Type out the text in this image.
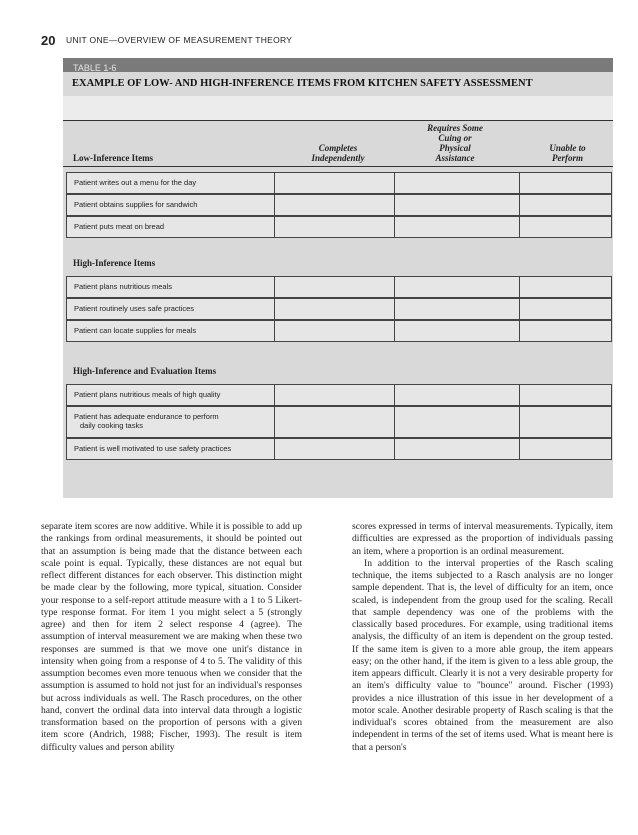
20 UNIT ONE—OVERVIEW OF MEASUREMENT THEORY
TABLE 1-6
EXAMPLE OF LOW- AND HIGH-INFERENCE ITEMS FROM KITCHEN SAFETY ASSESSMENT
Completes
Independently
Requires Some
Cuing or
Physical
Assistance
Unable to
Perform
Low-Inference Items
Patient writes out a menu for the day
Patient obtains supplies for sandwich
Patient puts meat on bread
High-Inference Items
Patient plans nutritious meals
Patient routinely uses safe practices
Patient can locate supplies for meals
High-Inference and Evaluation Items
Patient plans nutritious meals of high quality
Patient has adequate endurance to perform
daily cooking tasks
Patient is well motivated to use safety practices

separate item scores are now additive. While it is possible to add up the rankings from ordinal measurements, it should be pointed out that an assumption is being made that the distance between each scale point is equal. Typically, these distances are not equal but reflect different distances for each observer. This distinction might be made clear by the following, more typical, situation. Consider your response to a self-report attitude measure with a 1 to 5 Likert-type response format. For item 1 you might select a 5 (strongly agree) and then for item 2 select response 4 (agree). The assumption of interval measurement we are making when these two responses are summed is that we move one unit's distance in intensity when going from a response of 4 to 5. The validity of this assumption becomes even more tenuous when we consider that the assumption is assumed to hold not just for an individual's responses but across individuals as well. The Rasch procedures, on the other hand, convert the ordinal data into interval data through a logistic transformation based on the proportion of persons with a given item score (Andrich, 1988; Fischer, 1993). The result is item difficulty values and person ability

scores expressed in terms of interval measurements. Typically, item difficulties are expressed as the proportion of individuals passing an item, where a proportion is an ordinal measurement.

In addition to the interval properties of the Rasch scaling technique, the items subjected to a Rasch analysis are no longer sample dependent. That is, the level of difficulty for an item, once scaled, is independent from the group used for the scaling. Recall that sample dependency was one of the problems with the classically based procedures. For example, using traditional items analysis, the difficulty of an item is dependent on the group tested. If the same item is given to a more able group, the item appears easy; on the other hand, if the item is given to a less able group, the item appears difficult. Clearly it is not a very desirable property for an item's difficulty value to "bounce" around. Fischer (1993) provides a nice illustration of this issue in her development of a motor scale. Another desirable property of Rasch scaling is that the individual's scores obtained from the measurement are also independent in terms of the set of items used. What is meant here is that a person's
